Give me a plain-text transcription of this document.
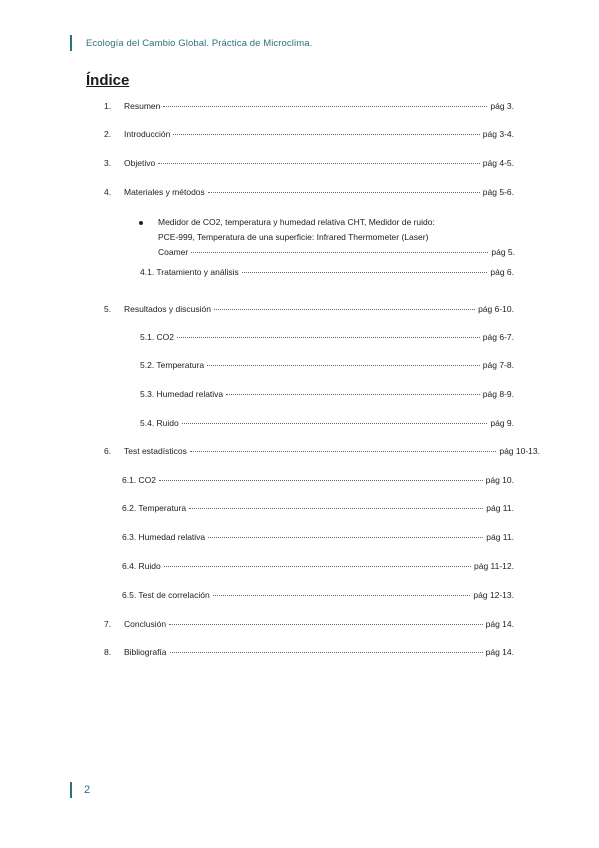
Ecología del Cambio Global. Práctica de Microclima.
Índice
1.	Resumen	pág 3.
2.	Introducción	pág 3-4.
3.	Objetivo	pág 4-5.
4.	Materiales y métodos	pág 5-6.
Medidor de CO2, temperatura y humedad relativa CHT, Medidor de ruido:
PCE-999, Temperatura de una superficie: Infrared Thermometer (Laser)
Coamer	pág 5.
4.1. Tratamiento y análisis	pág 6.
5.	Resultados y discusión	pág 6-10.
5.1. CO2	pág 6-7.
5.2. Temperatura	pág 7-8.
5.3. Humedad relativa	pág 8-9.
5.4. Ruido	pág 9.
6.	Test estadísticos	pág 10-13.
6.1. CO2	pág 10.
6.2. Temperatura	pág 11.
6.3. Humedad relativa	pág 11.
6.4. Ruido	pág 11-12.
6.5. Test de correlación	pág 12-13.
7.	Conclusión	pág 14.
8.	Bibliografía	pág 14.
2
